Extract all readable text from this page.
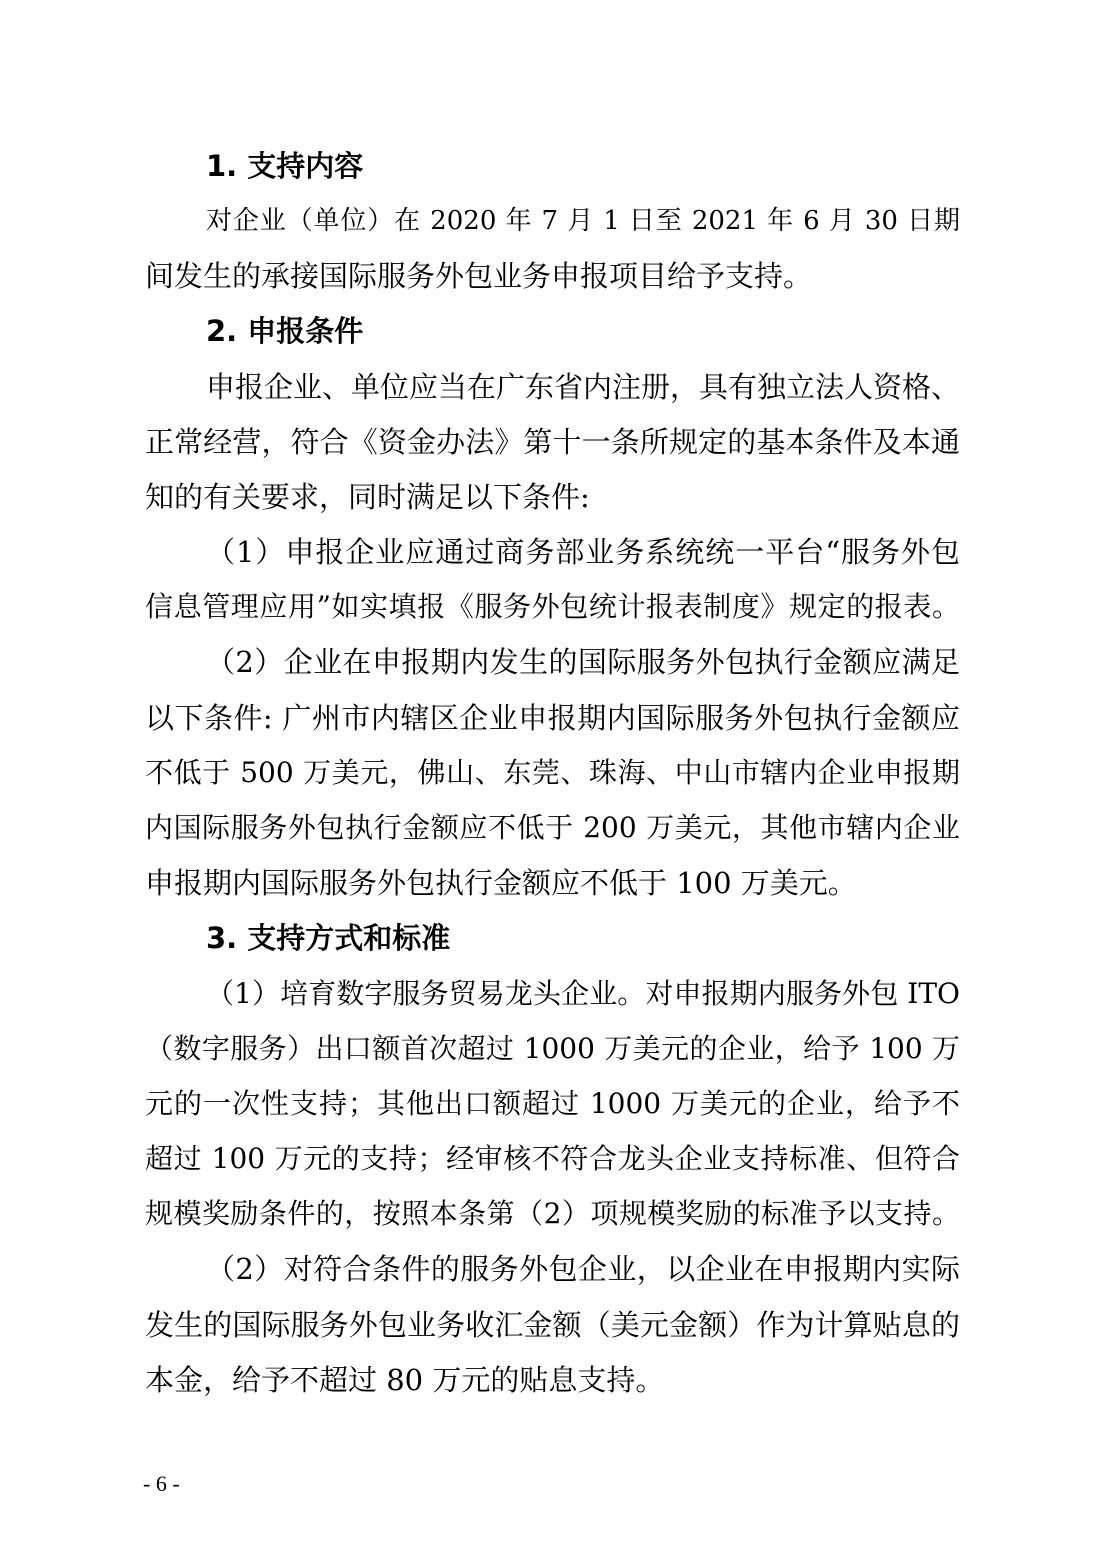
1. 支持内容
对企业（单位）在 2020 年 7 月 1 日至 2021 年 6 月 30 日期
间发生的承接国际服务外包业务申报项目给予支持。
2. 申报条件
申报企业、单位应当在广东省内注册，具有独立法人资格、
正常经营，符合《资金办法》第十一条所规定的基本条件及本通
知的有关要求，同时满足以下条件:
（1）申报企业应通过商务部业务系统统一平台“服务外包
信息管理应用”如实填报《服务外包统计报表制度》规定的报表。
（2）企业在申报期内发生的国际服务外包执行金额应满足
以下条件: 广州市内辖区企业申报期内国际服务外包执行金额应
不低于 500 万美元，佛山、东莞、珠海、中山市辖内企业申报期
内国际服务外包执行金额应不低于 200 万美元，其他市辖内企业
申报期内国际服务外包执行金额应不低于 100 万美元。
3. 支持方式和标准
（1）培育数字服务贸易龙头企业。对申报期内服务外包 ITO
（数字服务）出口额首次超过 1000 万美元的企业，给予 100 万
元的一次性支持；其他出口额超过 1000 万美元的企业，给予不
超过 100 万元的支持；经审核不符合龙头企业支持标准、但符合
规模奖励条件的，按照本条第（2）项规模奖励的标准予以支持。
（2）对符合条件的服务外包企业，以企业在申报期内实际
发生的国际服务外包业务收汇金额（美元金额）作为计算贴息的
本金，给予不超过 80 万元的贴息支持。
- 6 -
